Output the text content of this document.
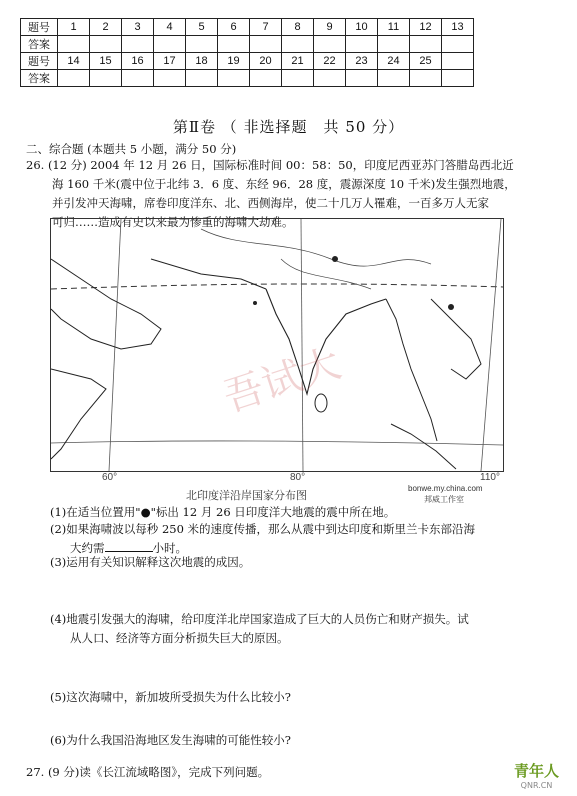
题号	1	2	3	4	5	6	7	8	9	10	11	12	13
答案													
题号	14	15	16	17	18	19	20	21	22	23	24	25	
答案													
第Ⅱ卷 （ 非选择题　共 50 分）
二、综合题 (本题共 5 小题，满分 50 分)
26. (12 分) 2004 年 12 月 26 日，国际标准时间 00：58：50，印度尼西亚苏门答腊岛西北近
海 160 千米(震中位于北纬 3．6 度、东经 96．28 度，震源深度 10 千米)发生强烈地震，
并引发冲天海啸，席卷印度洋东、北、西侧海岸，使二十几万人罹难，一百多万人无家
可归……造成有史以来最为惨重的海啸大劫难。
吾试大
60°	80°	110°
北印度洋沿岸国家分布图
bonwe.my.china.com
邦威工作室
(1)在适当位置用"●"标出 12 月 26 日印度洋大地震的震中所在地。
(2)如果海啸波以每秒 250 米的速度传播，那么从震中到达印度和斯里兰卡东部沿海
大约需	小时。
(3)运用有关知识解释这次地震的成因。
(4)地震引发强大的海啸，给印度洋北岸国家造成了巨大的人员伤亡和财产损失。试
从人口、经济等方面分析损失巨大的原因。
(5)这次海啸中，新加坡所受损失为什么比较小?
(6)为什么我国沿海地区发生海啸的可能性较小?
27. (9 分)读《长江流域略图》，完成下列问题。	青年人
QNR.CN
